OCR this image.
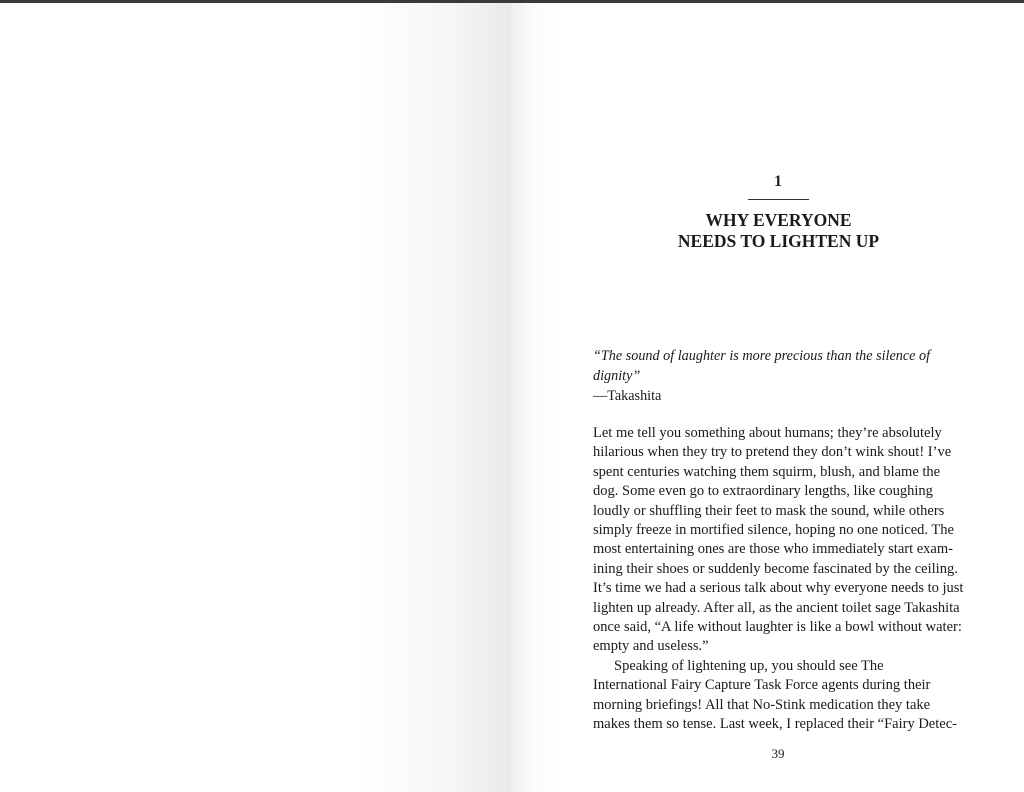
1
WHY EVERYONE
NEEDS TO LIGHTEN UP
“The sound of laughter is more precious than the silence of dignity”
—Takashita
Let me tell you something about humans; they’re absolutely
hilarious when they try to pretend they don’t wink shout! I’ve
spent centuries watching them squirm, blush, and blame the
dog. Some even go to extraordinary lengths, like coughing
loudly or shuffling their feet to mask the sound, while others
simply freeze in mortified silence, hoping no one noticed. The
most entertaining ones are those who immediately start exam-
ining their shoes or suddenly become fascinated by the ceiling.
It’s time we had a serious talk about why everyone needs to just
lighten up already. After all, as the ancient toilet sage Takashita
once said, “A life without laughter is like a bowl without water:
empty and useless.”
Speaking of lightening up, you should see The
International Fairy Capture Task Force agents during their
morning briefings! All that No-Stink medication they take
makes them so tense. Last week, I replaced their “Fairy Detec-
39
